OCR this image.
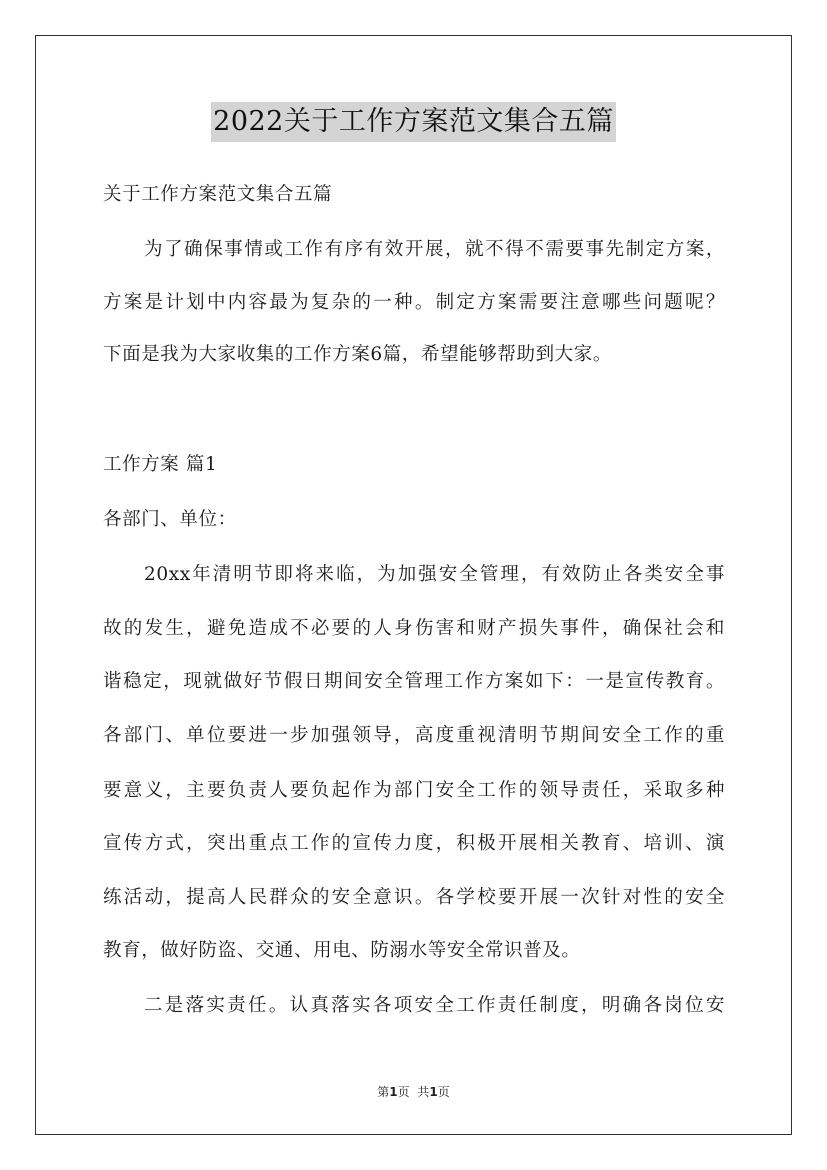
2022关于工作方案范文集合五篇
关于工作方案范文集合五篇
为了确保事情或工作有序有效开展，就不得不需要事先制定方案，
方案是计划中内容最为复杂的一种。制定方案需要注意哪些问题呢？
下面是我为大家收集的工作方案6篇，希望能够帮助到大家。
工作方案 篇1
各部门、单位：
20xx年清明节即将来临，为加强安全管理，有效防止各类安全事
故的发生，避免造成不必要的人身伤害和财产损失事件，确保社会和
谐稳定，现就做好节假日期间安全管理工作方案如下：一是宣传教育。
各部门、单位要进一步加强领导，高度重视清明节期间安全工作的重
要意义，主要负责人要负起作为部门安全工作的领导责任，采取多种
宣传方式，突出重点工作的宣传力度，积极开展相关教育、培训、演
练活动，提高人民群众的安全意识。各学校要开展一次针对性的安全
教育，做好防盗、交通、用电、防溺水等安全常识普及。
二是落实责任。认真落实各项安全工作责任制度，明确各岗位安
第1页 共1页
